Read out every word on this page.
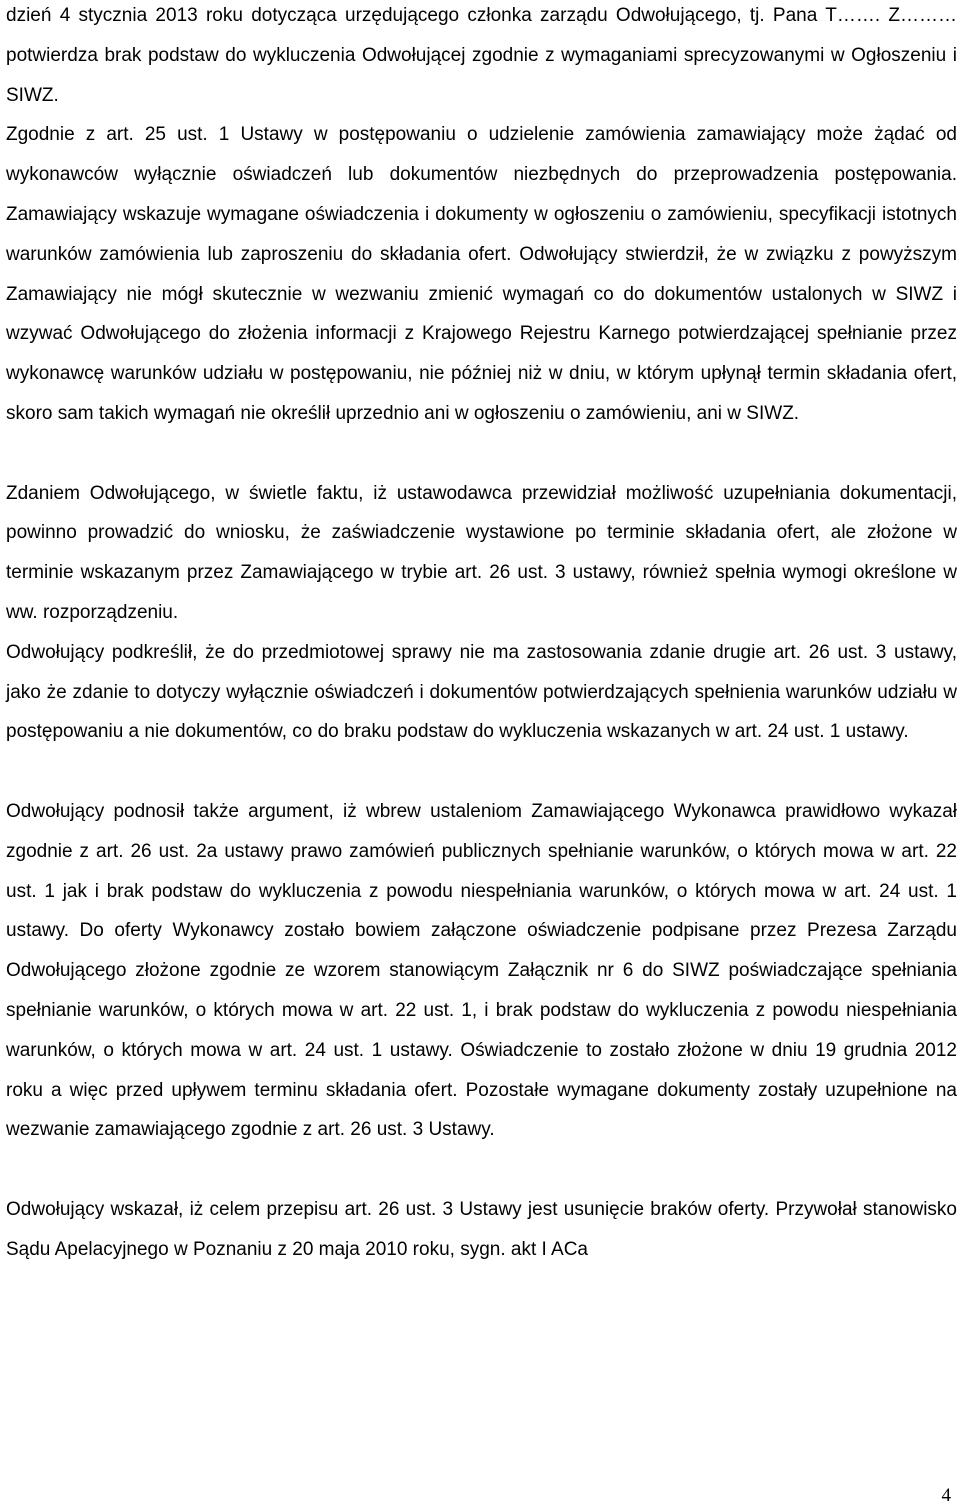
dzień 4 stycznia 2013 roku dotycząca urzędującego członka zarządu Odwołującego, tj. Pana T……. Z……… potwierdza brak podstaw do wykluczenia Odwołującej zgodnie z wymaganiami sprecyzowanymi w Ogłoszeniu i SIWZ.

Zgodnie z art. 25 ust. 1 Ustawy w postępowaniu o udzielenie zamówienia zamawiający może żądać od wykonawców wyłącznie oświadczeń lub dokumentów niezbędnych do przeprowadzenia postępowania. Zamawiający wskazuje wymagane oświadczenia i dokumenty w ogłoszeniu o zamówieniu, specyfikacji istotnych warunków zamówienia lub zaproszeniu do składania ofert. Odwołujący stwierdził, że w związku z powyższym Zamawiający nie mógł skutecznie w wezwaniu zmienić wymagań co do dokumentów ustalonych w SIWZ i wzywać Odwołującego do złożenia informacji z Krajowego Rejestru Karnego potwierdzającej spełnianie przez wykonawcę warunków udziału w postępowaniu, nie później niż w dniu, w którym upłynął termin składania ofert, skoro sam takich wymagań nie określił uprzednio ani w ogłoszeniu o zamówieniu, ani w SIWZ.

Zdaniem Odwołującego, w świetle faktu, iż ustawodawca przewidział możliwość uzupełniania dokumentacji, powinno prowadzić do wniosku, że zaświadczenie wystawione po terminie składania ofert, ale złożone w terminie wskazanym przez Zamawiającego w trybie art. 26 ust. 3 ustawy, również spełnia wymogi określone w ww. rozporządzeniu.

Odwołujący podkreślił, że do przedmiotowej sprawy nie ma zastosowania zdanie drugie art. 26 ust. 3 ustawy, jako że zdanie to dotyczy wyłącznie oświadczeń i dokumentów potwierdzających spełnienia warunków udziału w postępowaniu a nie dokumentów, co do braku podstaw do wykluczenia wskazanych w art. 24 ust. 1 ustawy.

Odwołujący podnosił także argument, iż wbrew ustaleniom Zamawiającego Wykonawca prawidłowo wykazał zgodnie z art. 26 ust. 2a ustawy prawo zamówień publicznych spełnianie warunków, o których mowa w art. 22 ust. 1 jak i brak podstaw do wykluczenia z powodu niespełniania warunków, o których mowa w art. 24 ust. 1 ustawy. Do oferty Wykonawcy zostało bowiem załączone oświadczenie podpisane przez Prezesa Zarządu Odwołującego złożone zgodnie ze wzorem stanowiącym Załącznik nr 6 do SIWZ poświadczające spełniania spełnianie warunków, o których mowa w art. 22 ust. 1, i brak podstaw do wykluczenia z powodu niespełniania warunków, o których mowa w art. 24 ust. 1 ustawy. Oświadczenie to zostało złożone w dniu 19 grudnia 2012 roku a więc przed upływem terminu składania ofert. Pozostałe wymagane dokumenty zostały uzupełnione na wezwanie zamawiającego zgodnie z art. 26 ust. 3 Ustawy.

Odwołujący wskazał, iż celem przepisu art. 26 ust. 3 Ustawy jest usunięcie braków oferty. Przywołał stanowisko Sądu Apelacyjnego w Poznaniu z 20 maja 2010 roku, sygn. akt I ACa

4
